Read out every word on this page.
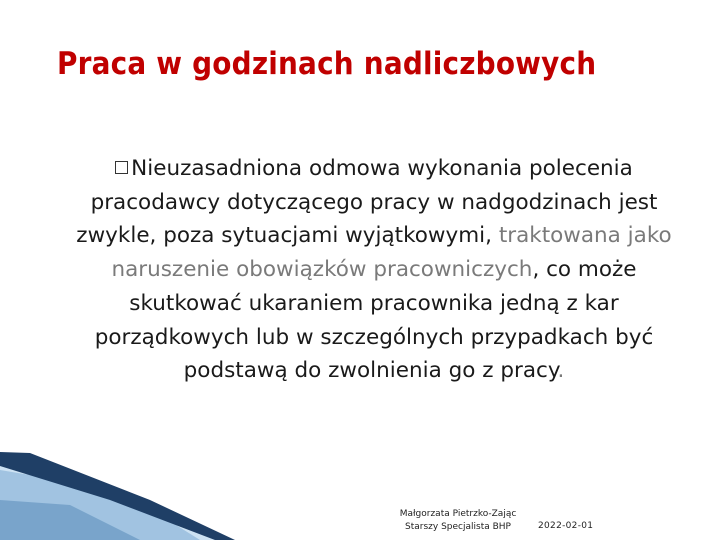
Praca w godzinach nadliczbowych
Nieuzasadniona odmowa wykonania polecenia pracodawcy dotyczącego pracy w nadgodzinach jest zwykle, poza sytuacjami wyjątkowymi, traktowana jako naruszenie obowiązków pracowniczych, co może skutkować ukaraniem pracownika jedną z kar porządkowych lub w szczególnych przypadkach być podstawą do zwolnienia go z pracy.
Małgorzata Pietrzko-Zając
Starszy Specjalista BHP	2022-02-01
